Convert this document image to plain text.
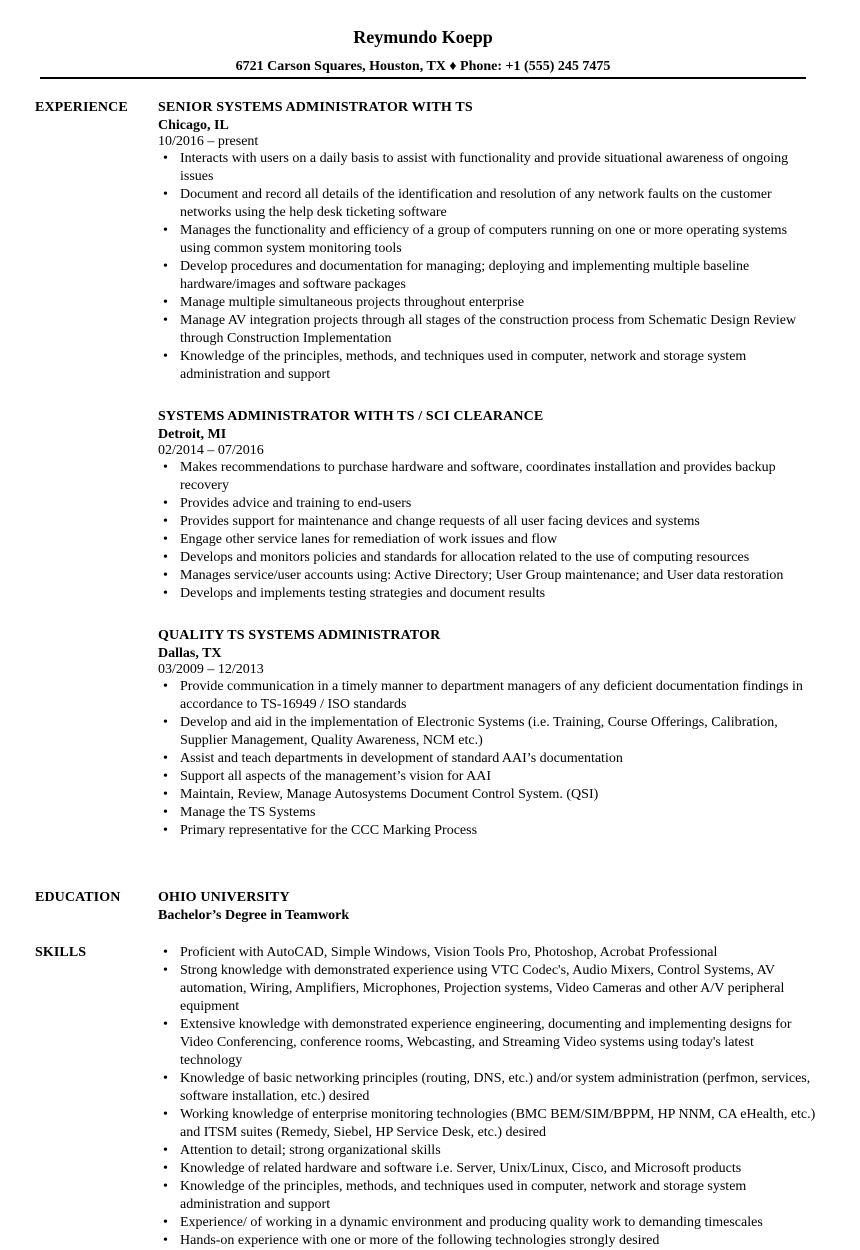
Reymundo Koepp
6721 Carson Squares, Houston, TX ♦ Phone: +1 (555) 245 7475
EXPERIENCE SENIOR SYSTEMS ADMINISTRATOR WITH TS
Chicago, IL
10/2016 – present
• Interacts with users on a daily basis to assist with functionality and provide situational awareness of ongoing issues
• Document and record all details of the identification and resolution of any network faults on the customer networks using the help desk ticketing software
• Manages the functionality and efficiency of a group of computers running on one or more operating systems using common system monitoring tools
• Develop procedures and documentation for managing; deploying and implementing multiple baseline hardware/images and software packages
• Manage multiple simultaneous projects throughout enterprise
• Manage AV integration projects through all stages of the construction process from Schematic Design Review through Construction Implementation
• Knowledge of the principles, methods, and techniques used in computer, network and storage system administration and support
SYSTEMS ADMINISTRATOR WITH TS / SCI CLEARANCE
Detroit, MI
02/2014 – 07/2016
• Makes recommendations to purchase hardware and software, coordinates installation and provides backup recovery
• Provides advice and training to end-users
• Provides support for maintenance and change requests of all user facing devices and systems
• Engage other service lanes for remediation of work issues and flow
• Develops and monitors policies and standards for allocation related to the use of computing resources
• Manages service/user accounts using: Active Directory; User Group maintenance; and User data restoration
• Develops and implements testing strategies and document results
QUALITY TS SYSTEMS ADMINISTRATOR
Dallas, TX
03/2009 – 12/2013
• Provide communication in a timely manner to department managers of any deficient documentation findings in accordance to TS-16949 / ISO standards
• Develop and aid in the implementation of Electronic Systems (i.e. Training, Course Offerings, Calibration, Supplier Management, Quality Awareness, NCM etc.)
• Assist and teach departments in development of standard AAI’s documentation
• Support all aspects of the management’s vision for AAI
• Maintain, Review, Manage Autosystems Document Control System. (QSI)
• Manage the TS Systems
• Primary representative for the CCC Marking Process
EDUCATION	OHIO UNIVERSITY
Bachelor’s Degree in Teamwork
SKILLS
•	Proficient with AutoCAD, Simple Windows, Vision Tools Pro, Photoshop, Acrobat Professional
• Strong knowledge with demonstrated experience using VTC Codec's, Audio Mixers, Control Systems, AV automation, Wiring, Amplifiers, Microphones, Projection systems, Video Cameras and other A/V peripheral equipment
• Extensive knowledge with demonstrated experience engineering, documenting and implementing designs for Video Conferencing, conference rooms, Webcasting, and Streaming Video systems using today's latest technology
• Knowledge of basic networking principles (routing, DNS, etc.) and/or system administration (perfmon, services, software installation, etc.) desired
• Working knowledge of enterprise monitoring technologies (BMC BEM/SIM/BPPM, HP NNM, CA eHealth, etc.) and ITSM suites (Remedy, Siebel, HP Service Desk, etc.) desired
• Attention to detail; strong organizational skills
• Knowledge of related hardware and software i.e. Server, Unix/Linux, Cisco, and Microsoft products
• Knowledge of the principles, methods, and techniques used in computer, network and storage system administration and support
• Experience/ of working in a dynamic environment and producing quality work to demanding timescales
• Hands-on experience with one or more of the following technologies strongly desired
